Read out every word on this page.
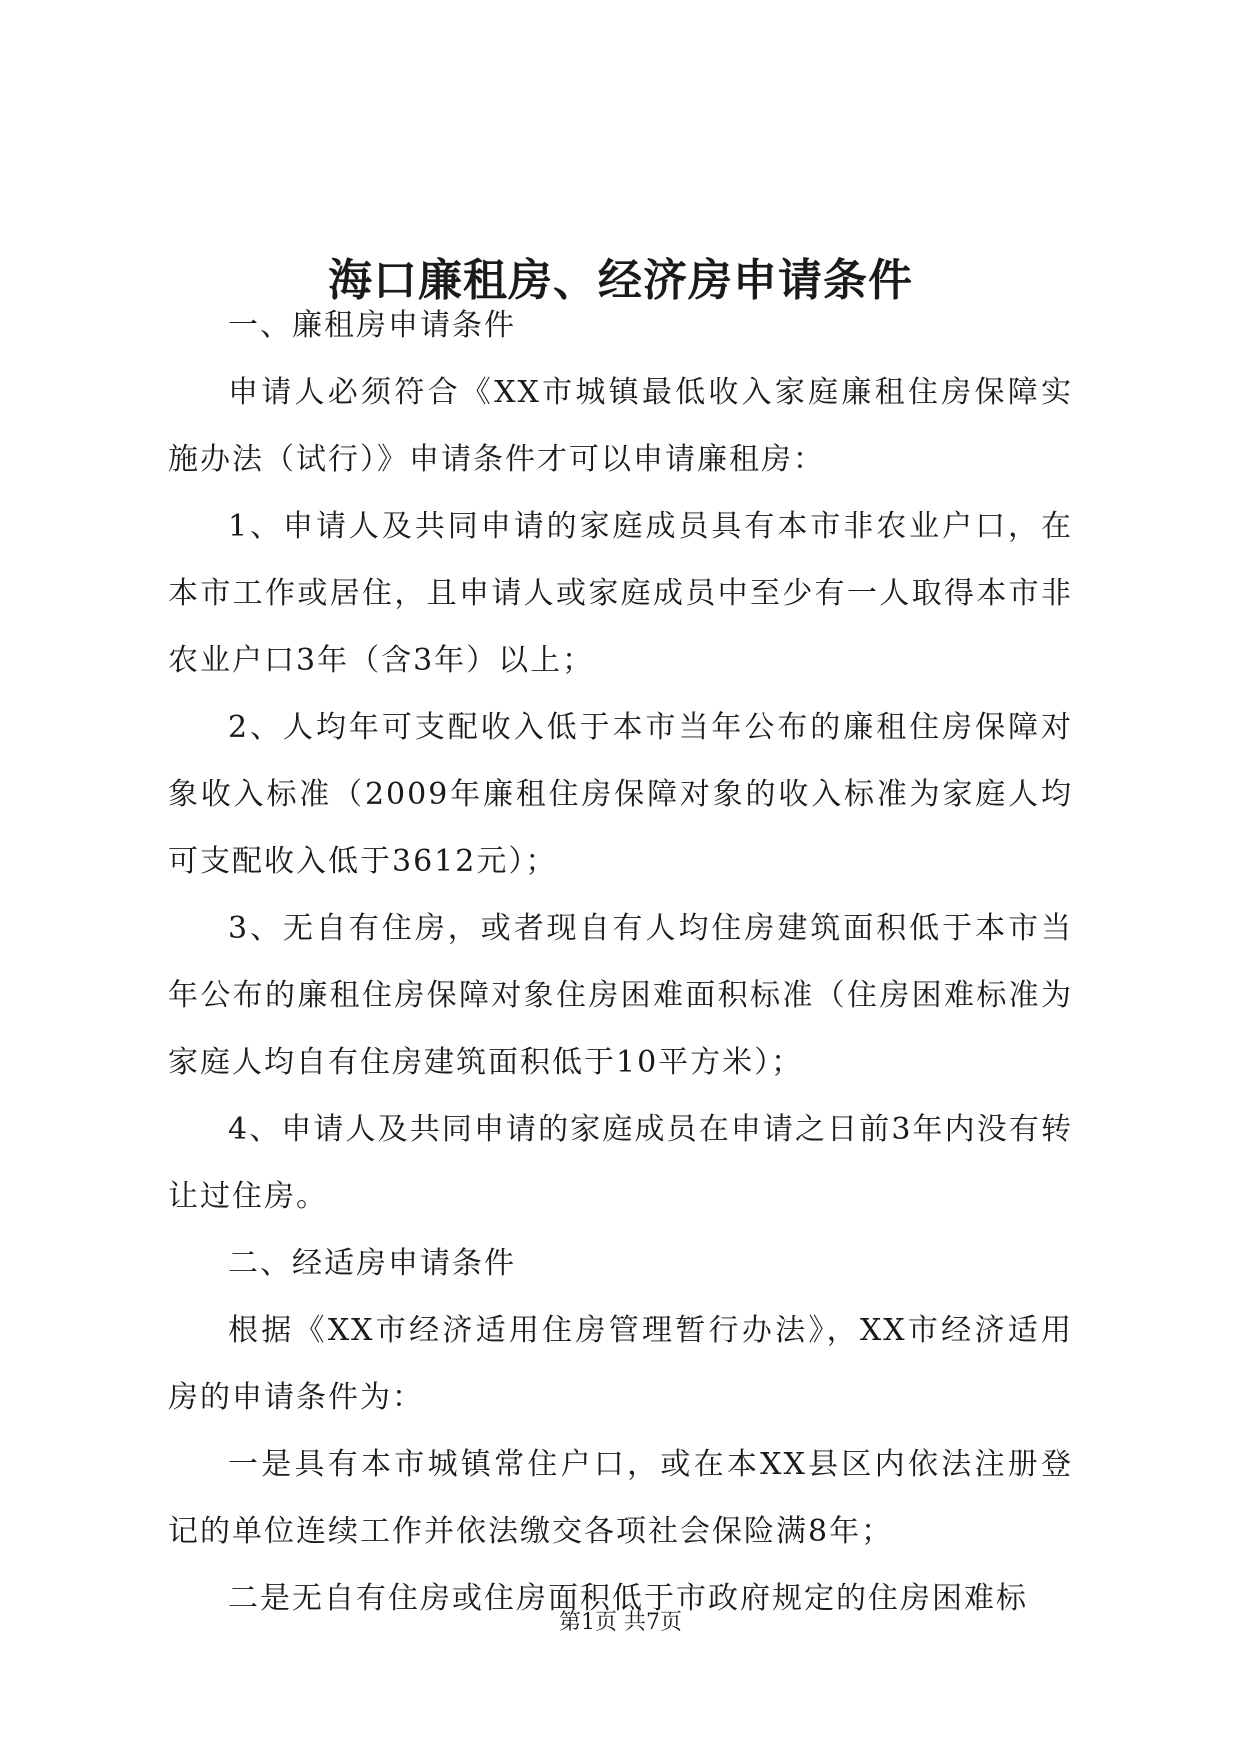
海口廉租房、经济房申请条件

一、廉租房申请条件

申请人必须符合《XX市城镇最低收入家庭廉租住房保障实施办法（试行）》申请条件才可以申请廉租房：

1、申请人及共同申请的家庭成员具有本市非农业户口，在本市工作或居住，且申请人或家庭成员中至少有一人取得本市非农业户口3年（含3年）以上；

2、人均年可支配收入低于本市当年公布的廉租住房保障对象收入标准（2009年廉租住房保障对象的收入标准为家庭人均可支配收入低于3612元）；

3、无自有住房，或者现自有人均住房建筑面积低于本市当年公布的廉租住房保障对象住房困难面积标准（住房困难标准为家庭人均自有住房建筑面积低于10平方米）；

4、申请人及共同申请的家庭成员在申请之日前3年内没有转让过住房。

二、经适房申请条件

根据《XX市经济适用住房管理暂行办法》，XX市经济适用房的申请条件为：

一是具有本市城镇常住户口，或在本XX县区内依法注册登记的单位连续工作并依法缴交各项社会保险满8年；

二是无自有住房或住房面积低于市政府规定的住房困难标

第1页 共7页
